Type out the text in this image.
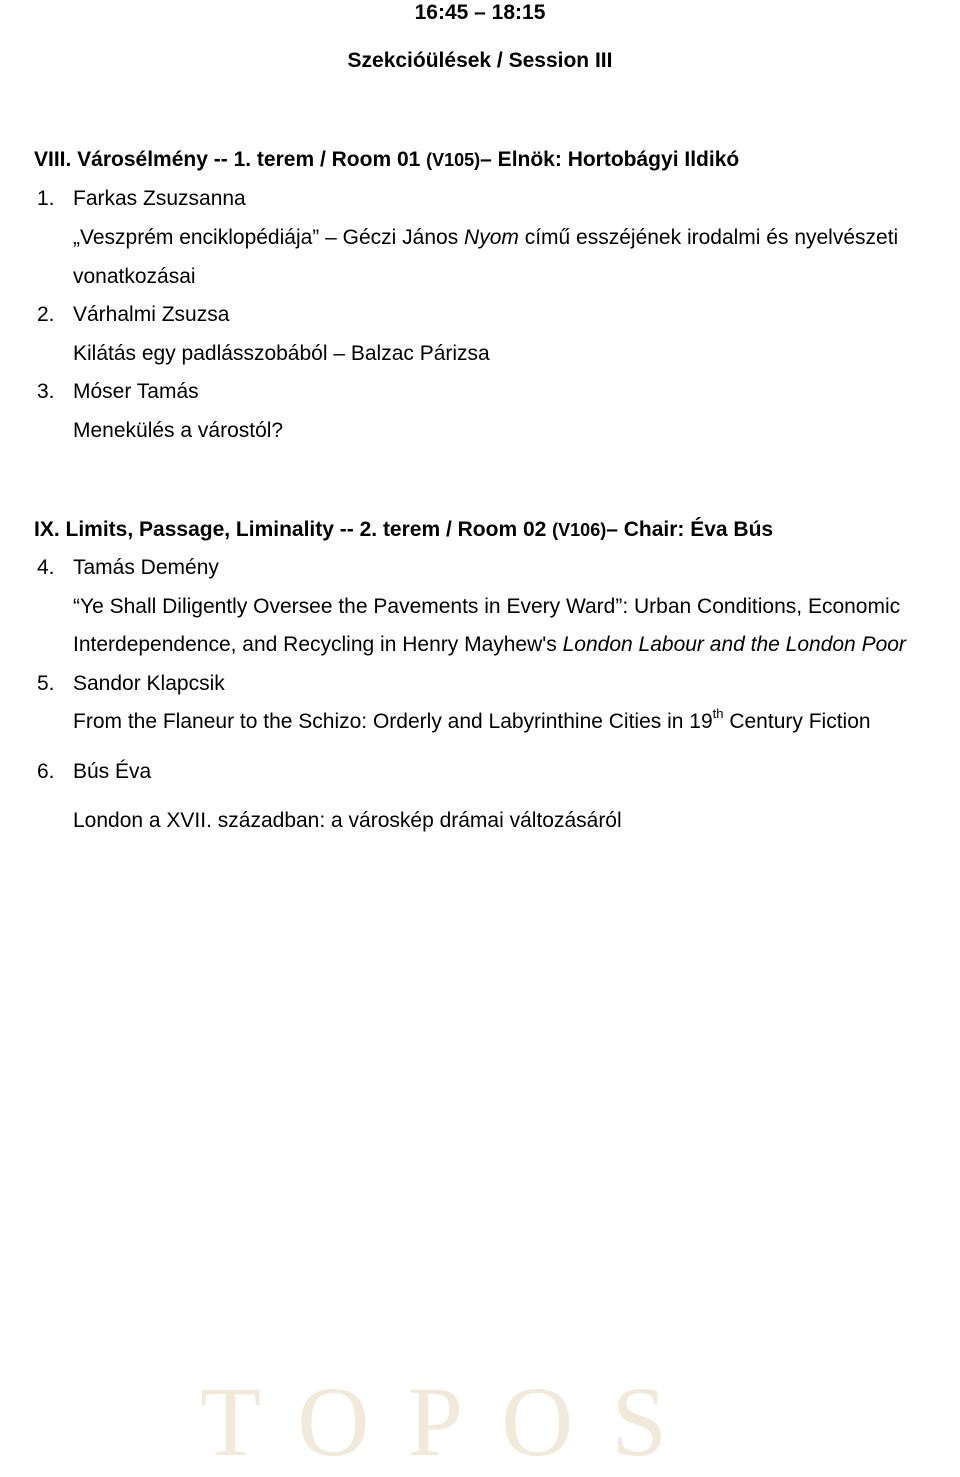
16:45 – 18:15
Szekcióülések / Session III
VIII. Városélmény -- 1. terem / Room 01 (V105)– Elnök: Hortobágyi Ildikó
1. Farkas Zsuzsanna
„Veszprém enciklopédiája” – Géczi János Nyom című esszéjének irodalmi és nyelvészeti
vonatkozásai
2. Várhalmi Zsuzsa
Kilátás egy padlásszobából – Balzac Párizsa
3. Móser Tamás
Menekülés a várostól?
IX. Limits, Passage, Liminality -- 2. terem / Room 02 (V106)– Chair: Éva Bús
4. Tamás Demény
“Ye Shall Diligently Oversee the Pavements in Every Ward”: Urban Conditions, Economic
Interdependence, and Recycling in Henry Mayhew's London Labour and the London Poor
5. Sandor Klapcsik
From the Flaneur to the Schizo: Orderly and Labyrinthine Cities in 19th Century Fiction
6. Bús Éva
London a XVII. században: a városkép drámai változásáról
TOPOS
